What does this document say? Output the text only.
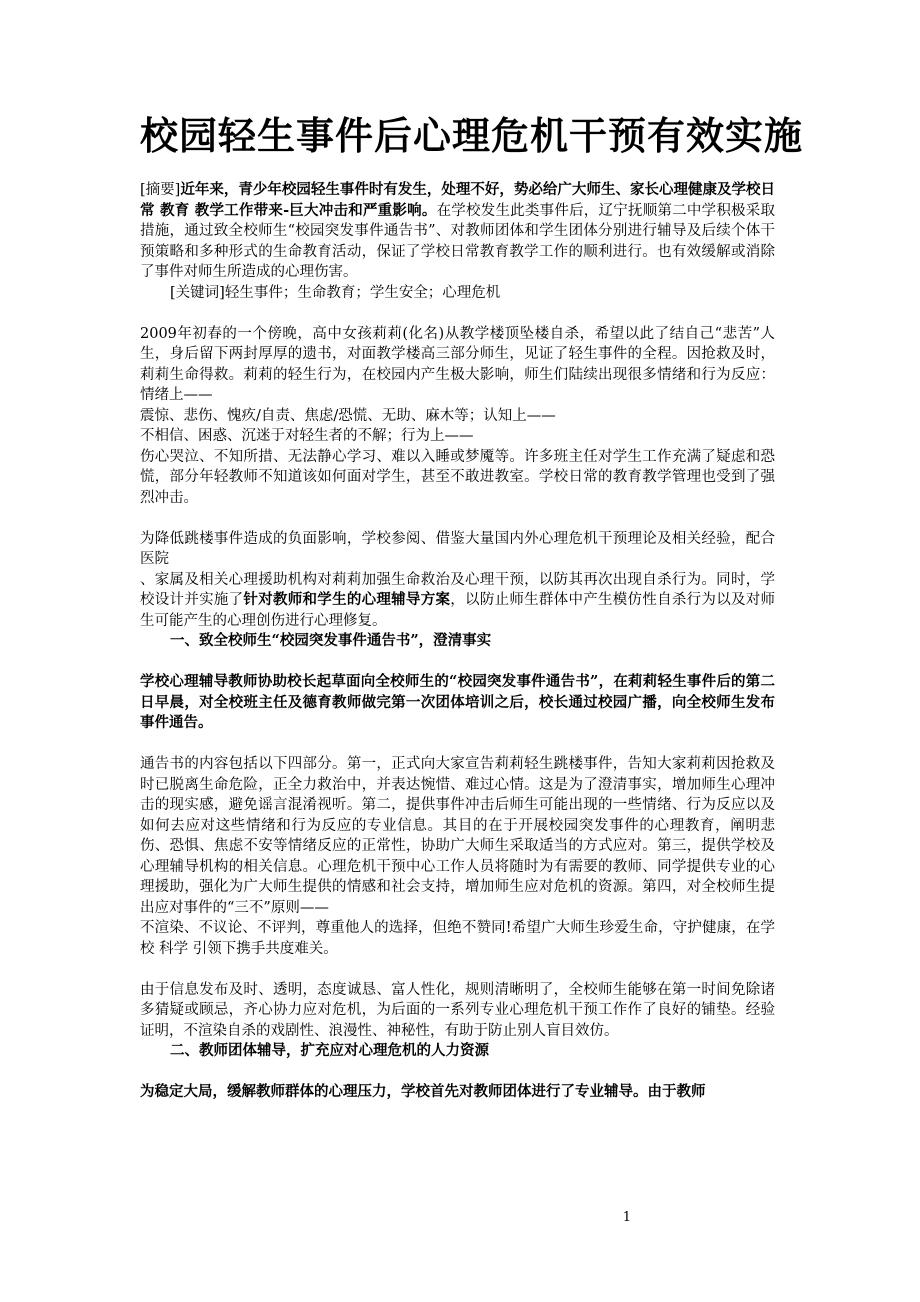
校园轻生事件后心理危机干预有效实施

[摘要]近年来，青少年校园轻生事件时有发生，处理不好，势必给广大师生、家长心理健康及学校日常 教育 教学工作带来-巨大冲击和严重影响。在学校发生此类事件后，辽宁抚顺第二中学积极采取措施，通过致全校师生“校园突发事件通告书”、对教师团体和学生团体分别进行辅导及后续个体干预策略和多种形式的生命教育活动，保证了学校日常教育教学工作的顺利进行。也有效缓解或消除了事件对师生所造成的心理伤害。

[关键词]轻生事件；生命教育；学生安全；心理危机

2009年初春的一个傍晚，高中女孩莉莉(化名)从教学楼顶坠楼自杀，希望以此了结自己“悲苦”人生，身后留下两封厚厚的遗书，对面教学楼高三部分师生，见证了轻生事件的全程。因抢救及时，莉莉生命得救。莉莉的轻生行为，在校园内产生极大影响，师生们陆续出现很多情绪和行为反应：情绪上——

震惊、悲伤、愧疚/自责、焦虑/恐慌、无助、麻木等；认知上——

不相信、困惑、沉迷于对轻生者的不解；行为上——

伤心哭泣、不知所措、无法静心学习、难以入睡或梦魇等。许多班主任对学生工作充满了疑虑和恐慌，部分年轻教师不知道该如何面对学生，甚至不敢进教室。学校日常的教育教学管理也受到了强烈冲击。

为降低跳楼事件造成的负面影响，学校参阅、借鉴大量国内外心理危机干预理论及相关经验，配合 医院

、家属及相关心理援助机构对莉莉加强生命救治及心理干预，以防其再次出现自杀行为。同时，学校设计并实施了针对教师和学生的心理辅导方案，以防止师生群体中产生模仿性自杀行为以及对师生可能产生的心理创伤进行心理修复。

一、致全校师生“校园突发事件通告书”，澄清事实

学校心理辅导教师协助校长起草面向全校师生的“校园突发事件通告书”，在莉莉轻生事件后的第二日早晨，对全校班主任及德育教师做完第一次团体培训之后，校长通过校园广播，向全校师生发布事件通告。

通告书的内容包括以下四部分。第一，正式向大家宣告莉莉轻生跳楼事件，告知大家莉莉因抢救及时已脱离生命危险，正全力救治中，并表达惋惜、难过心情。这是为了澄清事实，增加师生心理冲击的现实感，避免谣言混淆视听。第二，提供事件冲击后师生可能出现的一些情绪、行为反应以及如何去应对这些情绪和行为反应的专业信息。其目的在于开展校园突发事件的心理教育，阐明悲伤、恐惧、焦虑不安等情绪反应的正常性，协助广大师生采取适当的方式应对。第三，提供学校及心理辅导机构的相关信息。心理危机干预中心工作人员将随时为有需要的教师、同学提供专业的心理援助，强化为广大师生提供的情感和社会支持，增加师生应对危机的资源。第四，对全校师生提出应对事件的“三不”原则——

不渲染、不议论、不评判，尊重他人的选择，但绝不赞同!希望广大师生珍爱生命，守护健康，在学校 科学 引领下携手共度难关。

由于信息发布及时、透明，态度诚恳、富人性化，规则清晰明了，全校师生能够在第一时间免除诸多猜疑或顾忌，齐心协力应对危机，为后面的一系列专业心理危机干预工作作了良好的铺垫。经验证明，不渲染自杀的戏剧性、浪漫性、神秘性，有助于防止别人盲目效仿。

二、教师团体辅导，扩充应对心理危机的人力资源

为稳定大局，缓解教师群体的心理压力，学校首先对教师团体进行了专业辅导。由于教师

1
